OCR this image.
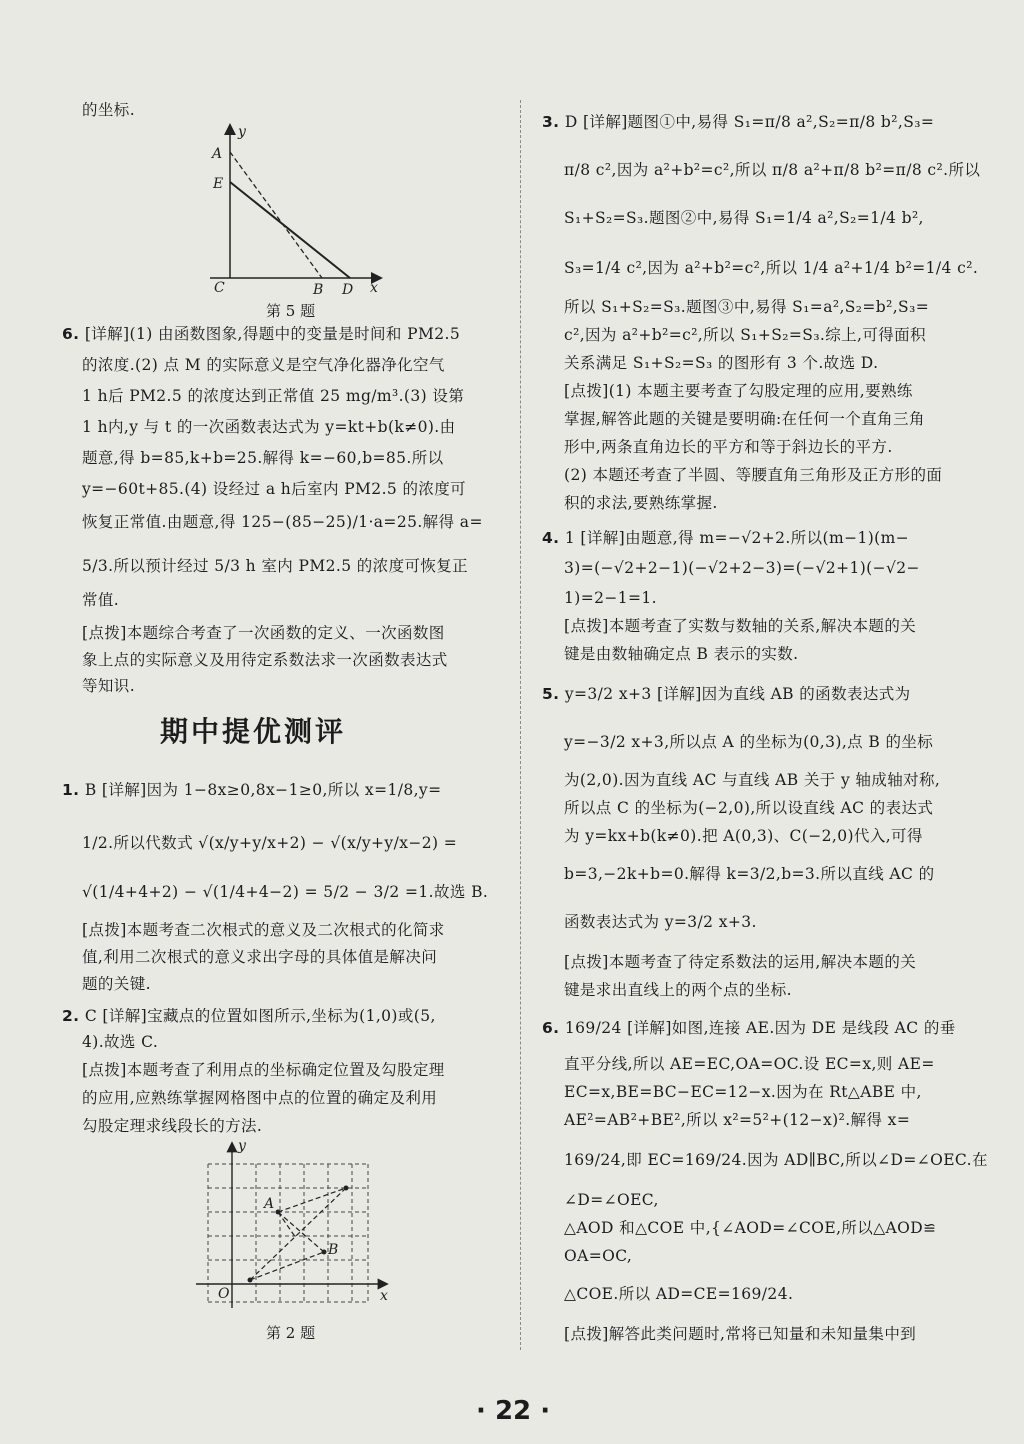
的坐标.
y
x
A
E
C	B D
第 5 题
6. [详解](1) 由函数图象,得题中的变量是时间和 PM2.5
的浓度.(2) 点 M 的实际意义是空气净化器净化空气
1 h后 PM2.5 的浓度达到正常值 25 mg/m³.(3) 设第
1 h内,y 与 t 的一次函数表达式为 y=kt+b(k≠0).由
题意,得 b=85,k+b=25.解得 k=−60,b=85.所以
y=−60t+85.(4) 设经过 a h后室内 PM2.5 的浓度可
恢复正常值.由题意,得 125−(85−25)/1·a=25.解得 a=
5/3.所以预计经过 5/3 h 室内 PM2.5 的浓度可恢复正
常值.
[点拨]本题综合考查了一次函数的定义、一次函数图
象上点的实际意义及用待定系数法求一次函数表达式
等知识.
期中提优测评
1. B [详解]因为 1−8x≥0,8x−1≥0,所以 x=1/8,y=
1/2.所以代数式 √(x/y+y/x+2) − √(x/y+y/x−2) =
√(1/4+4+2) − √(1/4+4−2) = 5/2 − 3/2 =1.故选 B.
[点拨]本题考查二次根式的意义及二次根式的化简求
值,利用二次根式的意义求出字母的具体值是解决问
题的关键.
2. C [详解]宝藏点的位置如图所示,坐标为(1,0)或(5,
4).故选 C.
[点拨]本题考查了利用点的坐标确定位置及勾股定理
的应用,应熟练掌握网格图中点的位置的确定及利用
勾股定理求线段长的方法.
y
x
O
A
B
第 2 题
3. D [详解]题图①中,易得 S₁=π/8 a²,S₂=π/8 b²,S₃=
π/8 c²,因为 a²+b²=c²,所以 π/8 a²+π/8 b²=π/8 c².所以
S₁+S₂=S₃.题图②中,易得 S₁=1/4 a²,S₂=1/4 b²,
S₃=1/4 c²,因为 a²+b²=c²,所以 1/4 a²+1/4 b²=1/4 c².
所以 S₁+S₂=S₃.题图③中,易得 S₁=a²,S₂=b²,S₃=
c²,因为 a²+b²=c²,所以 S₁+S₂=S₃.综上,可得面积
关系满足 S₁+S₂=S₃ 的图形有 3 个.故选 D.
[点拨](1) 本题主要考查了勾股定理的应用,要熟练
掌握,解答此题的关键是要明确:在任何一个直角三角
形中,两条直角边长的平方和等于斜边长的平方.
(2) 本题还考查了半圆、等腰直角三角形及正方形的面
积的求法,要熟练掌握.
4. 1 [详解]由题意,得 m=−√2+2.所以(m−1)(m−
3)=(−√2+2−1)(−√2+2−3)=(−√2+1)(−√2−
1)=2−1=1.
[点拨]本题考查了实数与数轴的关系,解决本题的关
键是由数轴确定点 B 表示的实数.
5. y=3/2 x+3 [详解]因为直线 AB 的函数表达式为
y=−3/2 x+3,所以点 A 的坐标为(0,3),点 B 的坐标
为(2,0).因为直线 AC 与直线 AB 关于 y 轴成轴对称,
所以点 C 的坐标为(−2,0),所以设直线 AC 的表达式
为 y=kx+b(k≠0).把 A(0,3)、C(−2,0)代入,可得
b=3,−2k+b=0.解得 k=3/2,b=3.所以直线 AC 的
函数表达式为 y=3/2 x+3.
[点拨]本题考查了待定系数法的运用,解决本题的关
键是求出直线上的两个点的坐标.
6. 169/24 [详解]如图,连接 AE.因为 DE 是线段 AC 的垂
直平分线,所以 AE=EC,OA=OC.设 EC=x,则 AE=
EC=x,BE=BC−EC=12−x.因为在 Rt△ABE 中,
AE²=AB²+BE²,所以 x²=5²+(12−x)².解得 x=
169/24,即 EC=169/24.因为 AD∥BC,所以∠D=∠OEC.在
∠D=∠OEC,
△AOD 和△COE 中,{∠AOD=∠COE,所以△AOD≌
OA=OC,
△COE.所以 AD=CE=169/24.
[点拨]解答此类问题时,常将已知量和未知量集中到
· 22 ·
